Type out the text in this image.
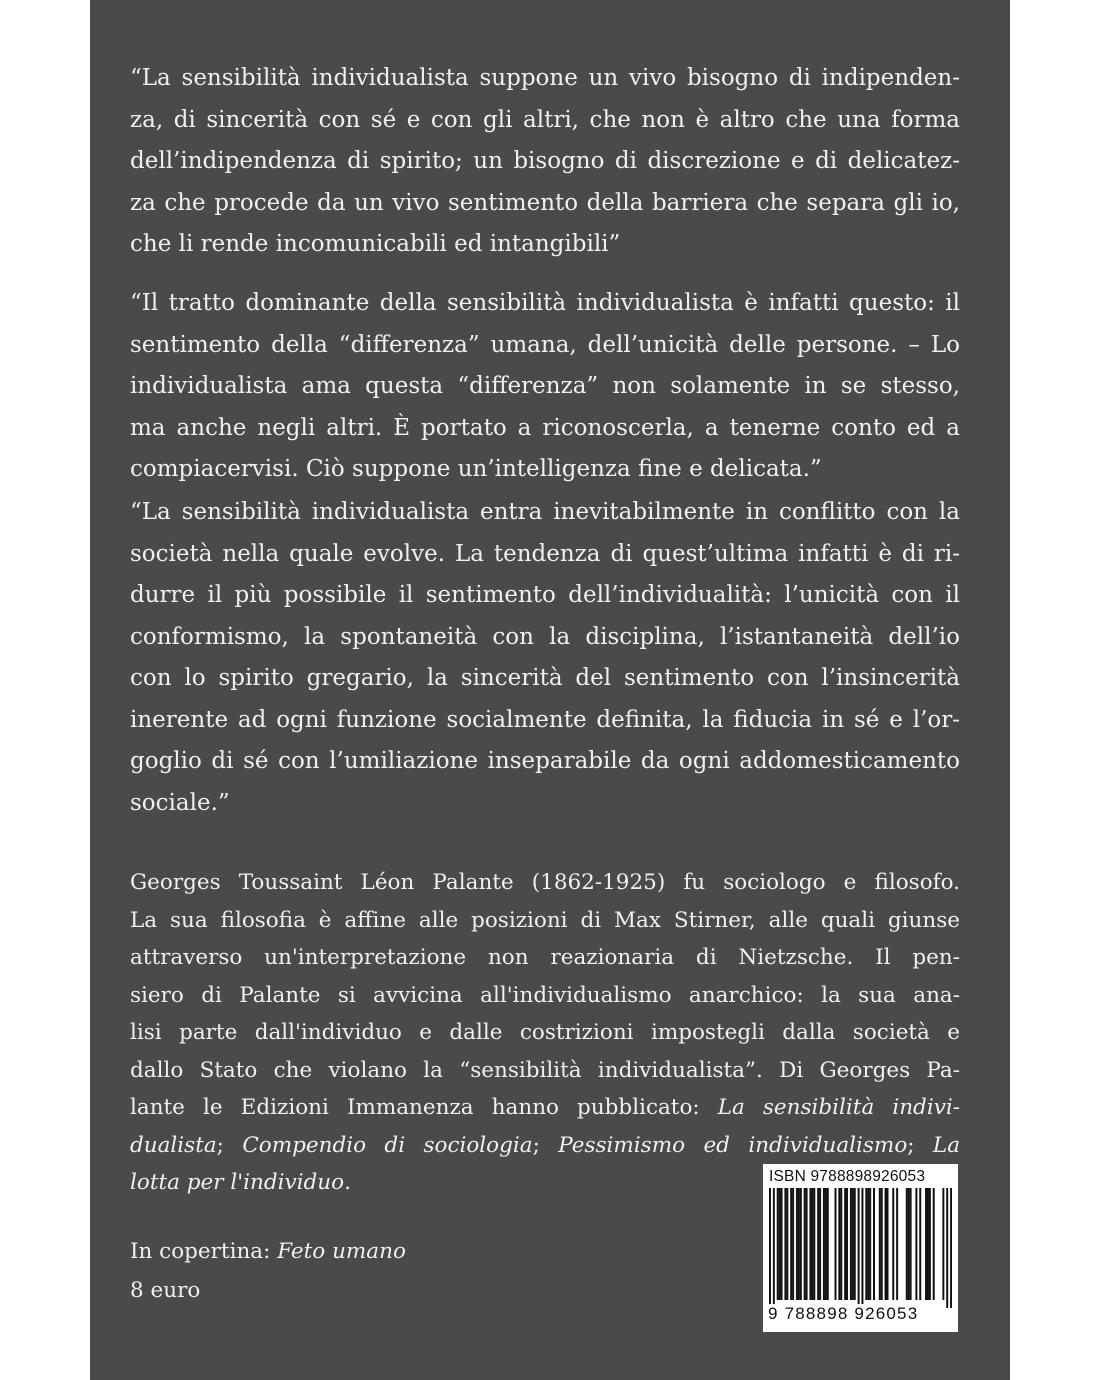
“La sensibilità individualista suppone un vivo bisogno di indipenden-
za, di sincerità con sé e con gli altri, che non è altro che una forma
dell’indipendenza di spirito; un bisogno di discrezione e di delicatez-
za che procede da un vivo sentimento della barriera che separa gli io,
che li rende incomunicabili ed intangibili”
“Il tratto dominante della sensibilità individualista è infatti questo: il
sentimento della “differenza” umana, dell’unicità delle persone. – Lo
individualista ama questa “differenza” non solamente in se stesso,
ma anche negli altri. È portato a riconoscerla, a tenerne conto ed a
compiacervisi. Ciò suppone un’intelligenza fine e delicata.”
“La sensibilità individualista entra inevitabilmente in conflitto con la
società nella quale evolve. La tendenza di quest’ultima infatti è di ri-
durre il più possibile il sentimento dell’individualità: l’unicità con il
conformismo, la spontaneità con la disciplina, l’istantaneità dell’io
con lo spirito gregario, la sincerità del sentimento con l’insincerità
inerente ad ogni funzione socialmente definita, la fiducia in sé e l’or-
goglio di sé con l’umiliazione inseparabile da ogni addomesticamento
sociale.”
Georges Toussaint Léon Palante (1862-1925) fu sociologo e filosofo.
La sua filosofia è affine alle posizioni di Max Stirner, alle quali giunse
attraverso un'interpretazione non reazionaria di Nietzsche. Il pen-
siero di Palante si avvicina all'individualismo anarchico: la sua ana-
lisi parte dall'individuo e dalle costrizioni impostegli dalla società e
dallo Stato che violano la “sensibilità individualista”. Di Georges Pa-
lante le Edizioni Immanenza hanno pubblicato: La sensibilità indivi-
dualista; Compendio di sociologia; Pessimismo ed individualismo; La
lotta per l'individuo.
In copertina: Feto umano
8 euro
ISBN 9788898926053
9 788898 926053
